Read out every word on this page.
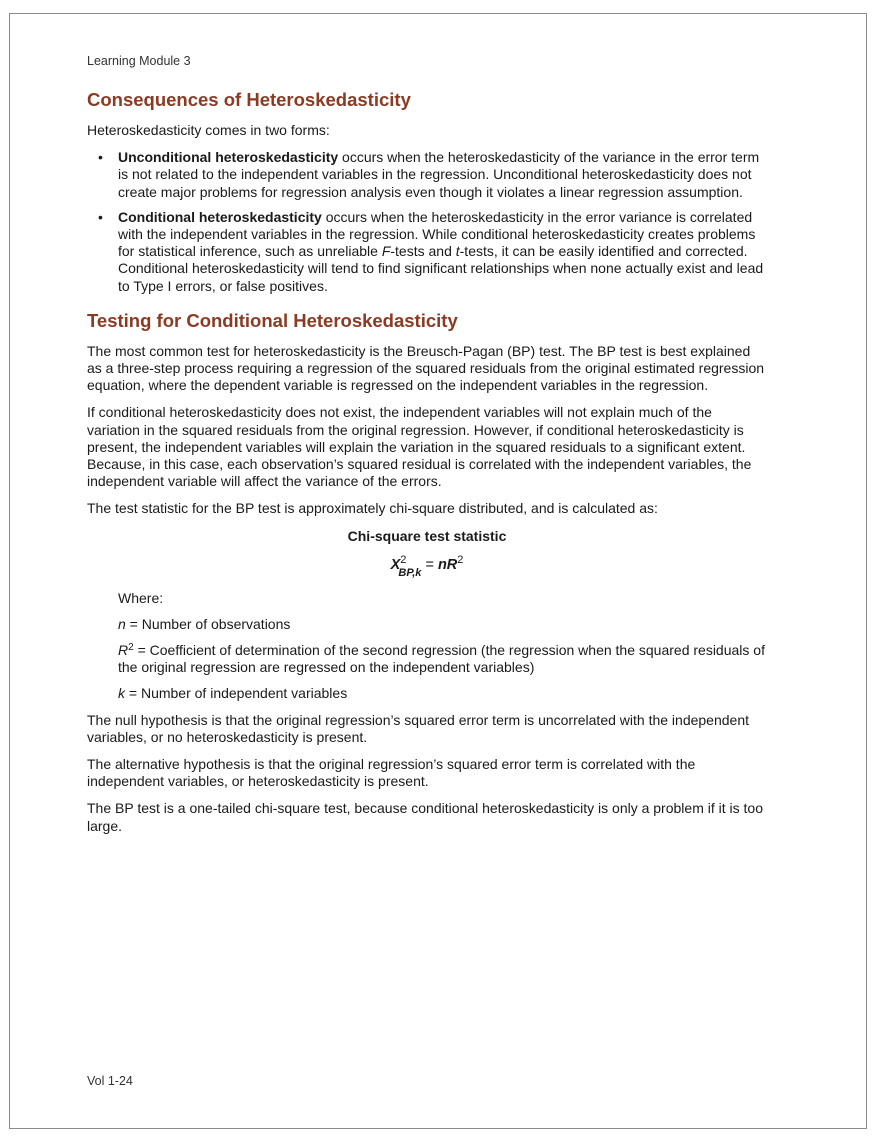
Learning Module 3
Consequences of Heteroskedasticity

Heteroskedasticity comes in two forms:

• Unconditional heteroskedasticity occurs when the heteroskedasticity of the variance in the error term is not related to the independent variables in the regression. Unconditional heteroskedasticity does not create major problems for regression analysis even though it violates a linear regression assumption.
• Conditional heteroskedasticity occurs when the heteroskedasticity in the error variance is correlated with the independent variables in the regression. While conditional heteroskedasticity creates problems for statistical inference, such as unreliable F-tests and t-tests, it can be easily identified and corrected. Conditional heteroskedasticity will tend to find significant relationships when none actually exist and lead to Type I errors, or false positives.
Testing for Conditional Heteroskedasticity

The most common test for heteroskedasticity is the Breusch-Pagan (BP) test. The BP test is best explained as a three-step process requiring a regression of the squared residuals from the original estimated regression equation, where the dependent variable is regressed on the independent variables in the regression.

If conditional heteroskedasticity does not exist, the independent variables will not explain much of the variation in the squared residuals from the original regression. However, if conditional heteroskedasticity is present, the independent variables will explain the variation in the squared residuals to a significant extent. Because, in this case, each observation’s squared residual is correlated with the independent variables, the independent variable will affect the variance of the errors.

The test statistic for the BP test is approximately chi-square distributed, and is calculated as:

Chi-square test statistic
$X^2BP,k = nR^2$

Where:

n = Number of observations

$R^2$ = Coefficient of determination of the second regression (the regression when the squared residuals of the original regression are regressed on the independent variables)

k = Number of independent variables

The null hypothesis is that the original regression’s squared error term is uncorrelated with the independent variables, or no heteroskedasticity is present.

The alternative hypothesis is that the original regression’s squared error term is correlated with the independent variables, or heteroskedasticity is present.

The BP test is a one-tailed chi-square test, because conditional heteroskedasticity is only a problem if it is too large.

Vol 1-24
